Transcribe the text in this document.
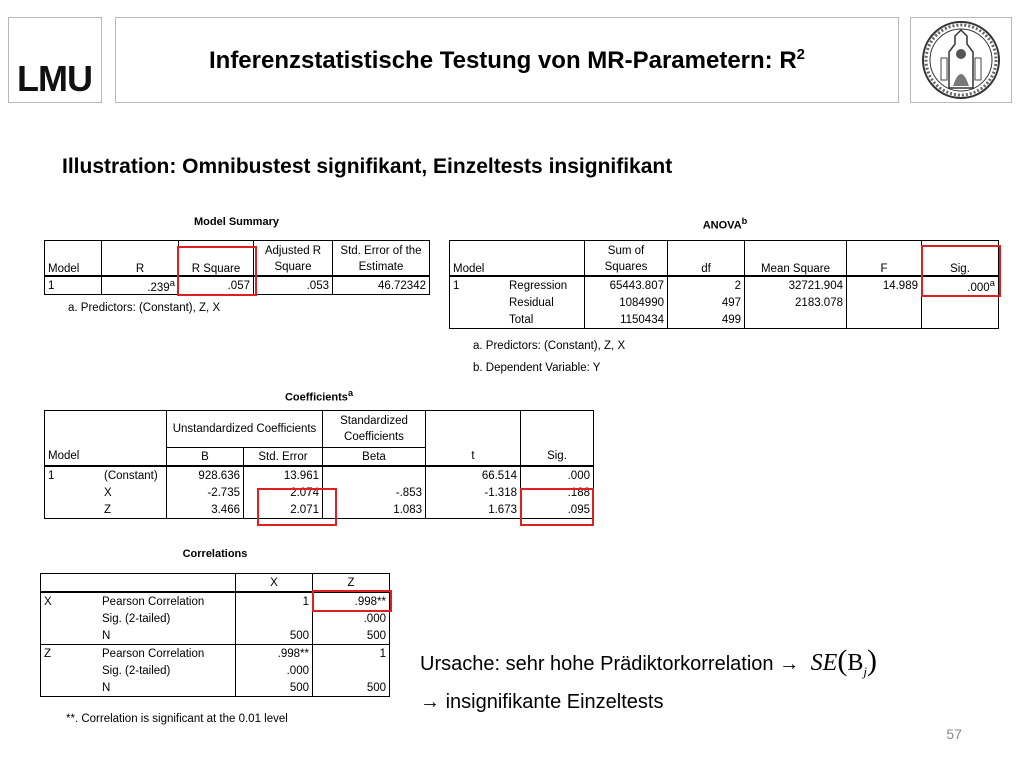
LMU	Inferenzstatistische Testung von MR-Parametern: $R^2$
Illustration: Omnibustest signifikant, Einzeltests insignifikant
Model Summary
Model	R	R Square	Adjusted R Square	Std. Error of the Estimate
1	.239$^a$	.057	.053	46.72342
a. Predictors: (Constant), Z, X
ANOVA$^b$
Model		Sum of Squares	df	Mean Square	F	Sig.
1	Regression	65443.807	2	32721.904	14.989	.000$^a$
	Residual	1084990	497	2183.078		
	Total	1150434	499			
a. Predictors: (Constant), Z, X
b. Dependent Variable: Y
Coefficients$^a$
		Unstandardized Coefficients		Standardized Coefficients		
Model		B	Std. Error	Beta	t	Sig.
1	(Constant)	928.636	13.961		66.514	.000
	X	-2.735	2.074	-.853	-1.318	.188
	Z	3.466	2.071	1.083	1.673	.095
Correlations
		X	Z
X	Pearson Correlation	1	.998**
	Sig. (2-tailed)		.000
	N	500	500
Z	Pearson Correlation	.998**	1
	Sig. (2-tailed)	.000	
	N	500	500
**. Correlation is significant at the 0.01 level
Ursache: sehr hohe Prädiktorkorrelation → $SE(B_j)$
→ insignifikante Einzeltests
57
